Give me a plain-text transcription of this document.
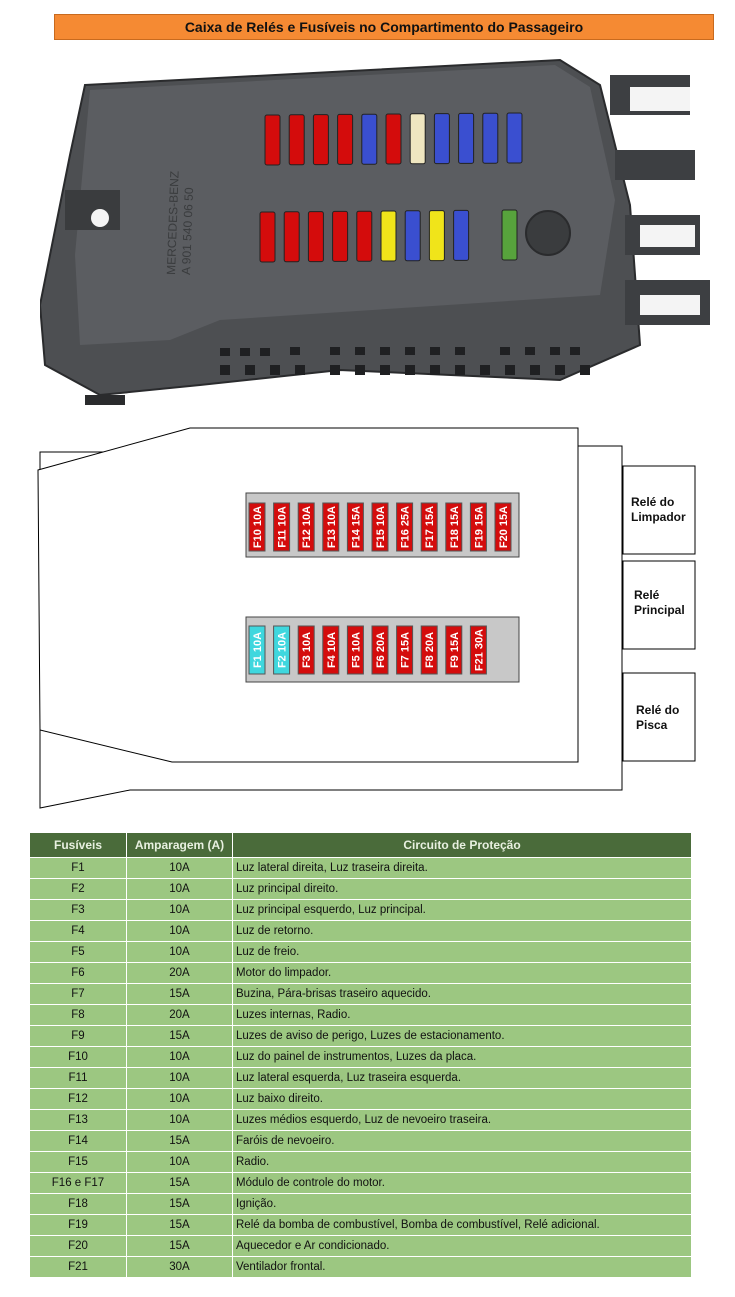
Caixa de Relés e Fusíveis no Compartimento do Passageiro
MERCEDES-BENZ
A 901 540 06 50
F10 10A F11 10A F12 10A F13 10A F14 15A F15 10A F16 25A F17 15A F18 15A F19 15A F20 15A
F1 10A F2 10A F3 10A F4 10A F5 10A F6 20A F7 15A F8 20A F9 15A F21 30A
Relé do
Limpador
Relé
Principal
Relé do
Pisca
Fusíveis	Amparagem (A)	Circuito de Proteção
F1	10A	Luz lateral direita, Luz traseira direita.
F2	10A	Luz principal direito.
F3	10A	Luz principal esquerdo, Luz principal.
F4	10A	Luz de retorno.
F5	10A	Luz de freio.
F6	20A	Motor do limpador.
F7	15A	Buzina, Pára-brisas traseiro aquecido.
F8	20A	Luzes internas, Radio.
F9	15A	Luzes de aviso de perigo, Luzes de estacionamento.
F10	10A	Luz do painel de instrumentos, Luzes da placa.
F11	10A	Luz lateral esquerda, Luz traseira esquerda.
F12	10A	Luz baixo direito.
F13	10A	Luzes médios esquerdo, Luz de nevoeiro traseira.
F14	15A	Faróis de nevoeiro.
F15	10A	Radio.
F16 e F17	15A	Módulo de controle do motor.
F18	15A	Ignição.
F19	15A	Relé da bomba de combustível, Bomba de combustível, Relé adicional.
F20	15A	Aquecedor e Ar condicionado.
F21	30A	Ventilador frontal.
